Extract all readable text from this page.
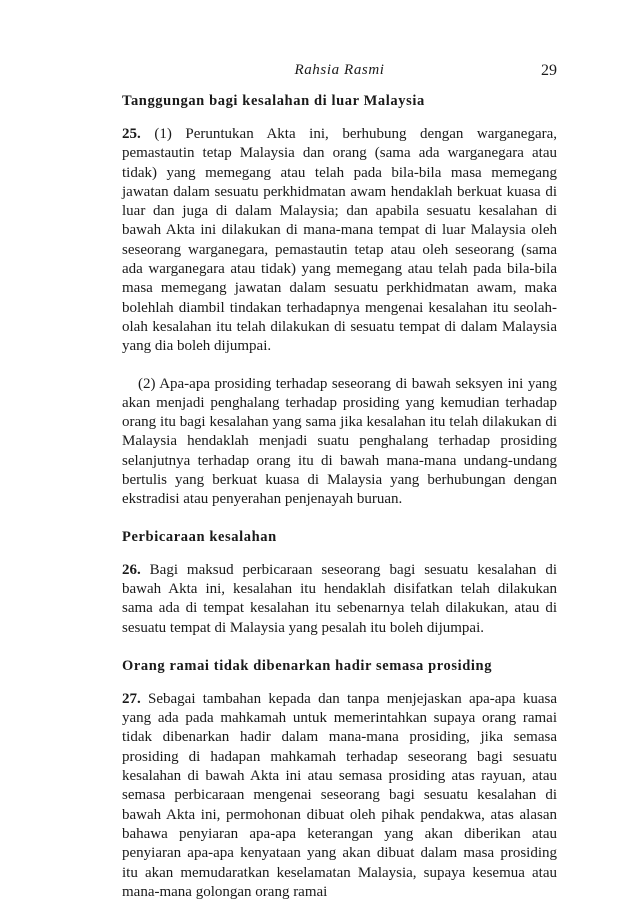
Rahsia Rasmi	29
Tanggungan bagi kesalahan di luar Malaysia

25. (1) Peruntukan Akta ini, berhubung dengan warganegara, pemastautin tetap Malaysia dan orang (sama ada warganegara atau tidak) yang memegang atau telah pada bila-bila masa memegang jawatan dalam sesuatu perkhidmatan awam hendaklah berkuat kuasa di luar dan juga di dalam Malaysia; dan apabila sesuatu kesalahan di bawah Akta ini dilakukan di mana-mana tempat di luar Malaysia oleh seseorang warganegara, pemastautin tetap atau oleh seseorang (sama ada warganegara atau tidak) yang memegang atau telah pada bila-bila masa memegang jawatan dalam sesuatu perkhidmatan awam, maka bolehlah diambil tindakan terhadapnya mengenai kesalahan itu seolah-olah kesalahan itu telah dilakukan di sesuatu tempat di dalam Malaysia yang dia boleh dijumpai.

(2) Apa-apa prosiding terhadap seseorang di bawah seksyen ini yang akan menjadi penghalang terhadap prosiding yang kemudian terhadap orang itu bagi kesalahan yang sama jika kesalahan itu telah dilakukan di Malaysia hendaklah menjadi suatu penghalang terhadap prosiding selanjutnya terhadap orang itu di bawah mana-mana undang-undang bertulis yang berkuat kuasa di Malaysia yang berhubungan dengan ekstradisi atau penyerahan penjenayah buruan.

Perbicaraan kesalahan

26. Bagi maksud perbicaraan seseorang bagi sesuatu kesalahan di bawah Akta ini, kesalahan itu hendaklah disifatkan telah dilakukan sama ada di tempat kesalahan itu sebenarnya telah dilakukan, atau di sesuatu tempat di Malaysia yang pesalah itu boleh dijumpai.

Orang ramai tidak dibenarkan hadir semasa prosiding

27. Sebagai tambahan kepada dan tanpa menjejaskan apa-apa kuasa yang ada pada mahkamah untuk memerintahkan supaya orang ramai tidak dibenarkan hadir dalam mana-mana prosiding, jika semasa prosiding di hadapan mahkamah terhadap seseorang bagi sesuatu kesalahan di bawah Akta ini atau semasa prosiding atas rayuan, atau semasa perbicaraan mengenai seseorang bagi sesuatu kesalahan di bawah Akta ini, permohonan dibuat oleh pihak pendakwa, atas alasan bahawa penyiaran apa-apa keterangan yang akan diberikan atau penyiaran apa-apa kenyataan yang akan dibuat dalam masa prosiding itu akan memudaratkan keselamatan Malaysia, supaya kesemua atau mana-mana golongan orang ramai
